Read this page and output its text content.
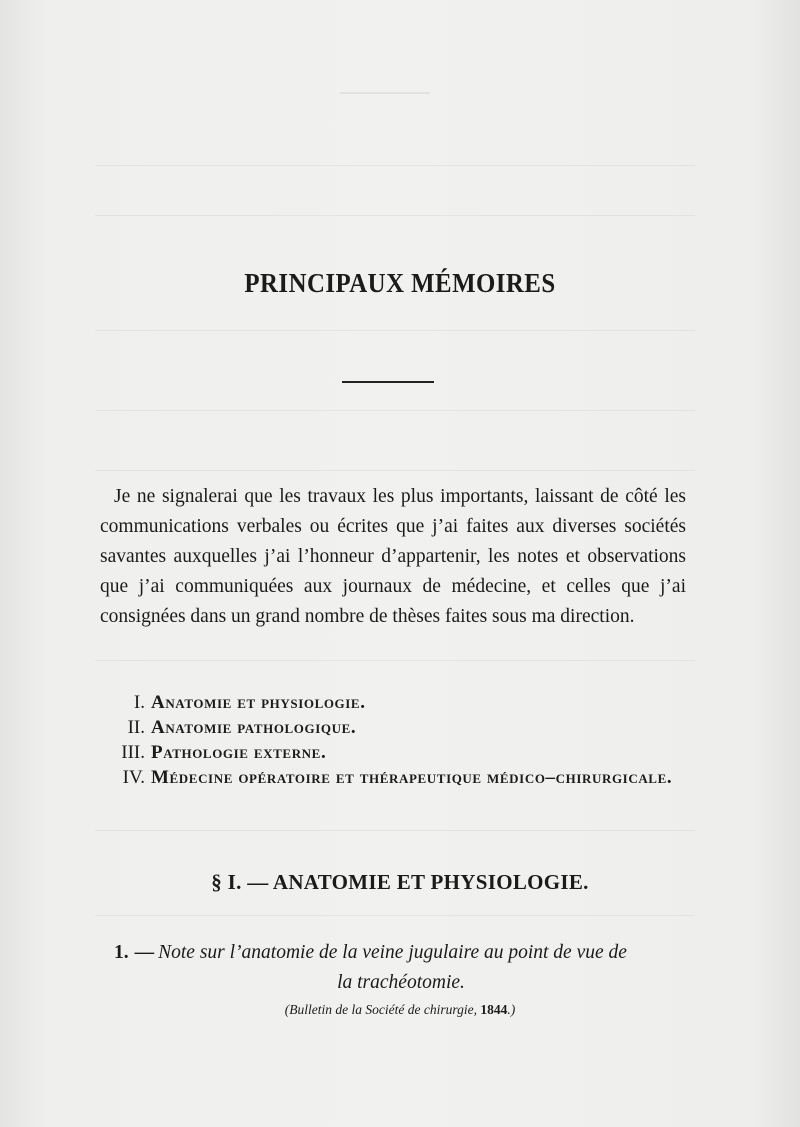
PRINCIPAUX MÉMOIRES

Je ne signalerai que les travaux les plus importants, laissant de côté les communications verbales ou écrites que j’ai faites aux diverses sociétés savantes auxquelles j’ai l’honneur d’appartenir, les notes et observations que j’ai communiquées aux journaux de médecine, et celles que j’ai consignées dans un grand nombre de thèses faites sous ma direction.

I. Anatomie et physiologie.
II. Anatomie pathologique.
III. Pathologie externe.
IV. Médecine opératoire et thérapeutique médico–chirurgicale.
§ I. — ANATOMIE ET PHYSIOLOGIE.
1. — Note sur l’anatomie de la veine jugulaire au point de vue de
la trachéotomie.
(Bulletin de la Société de chirurgie, 1844.)
